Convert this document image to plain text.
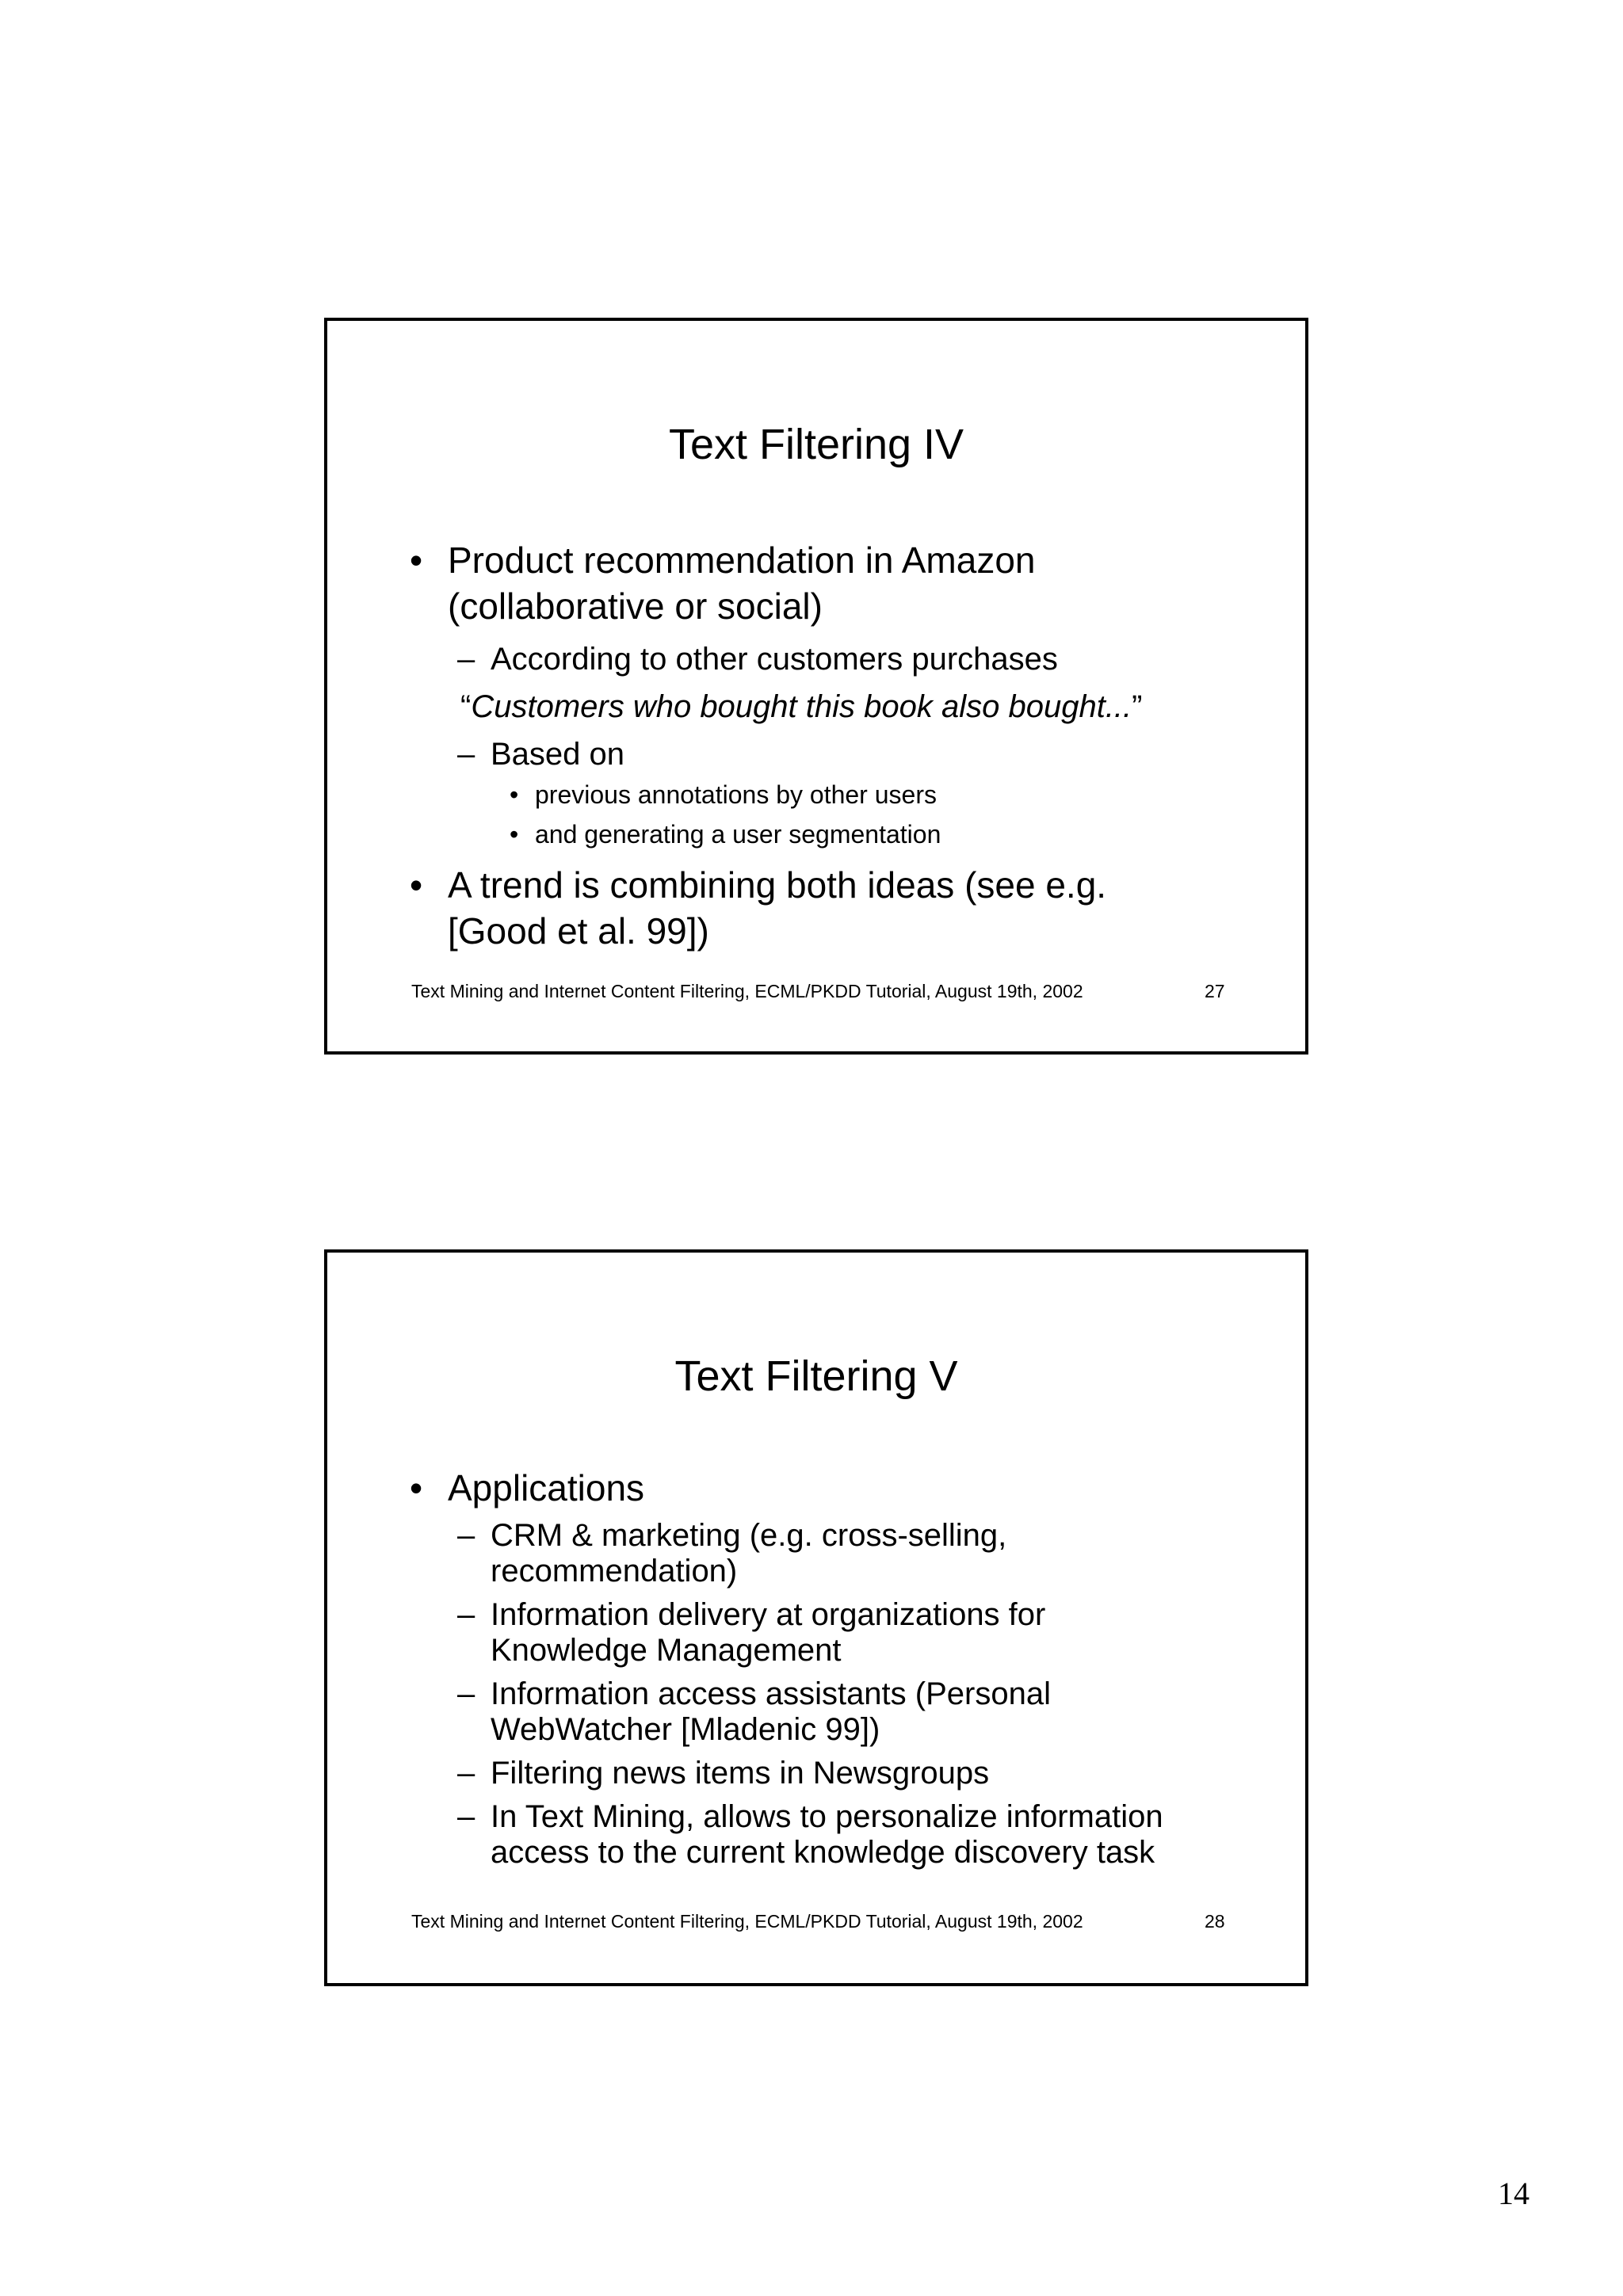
Text Filtering IV
• Product recommendation in Amazon
(collaborative or social)
– According to other customers purchases
“Customers who bought this book also bought...”
– Based on
• previous annotations by other users
• and generating a user segmentation
• A trend is combining both ideas (see e.g.
[Good et al. 99])
Text Mining and Internet Content Filtering, ECML/PKDD Tutorial, August 19th, 2002	27
Text Filtering V
• Applications
– CRM & marketing (e.g. cross-selling,
recommendation)
– Information delivery at organizations for
Knowledge Management
– Information access assistants (Personal
WebWatcher [Mladenic 99])
– Filtering news items in Newsgroups
– In Text Mining, allows to personalize information
access to the current knowledge discovery task
Text Mining and Internet Content Filtering, ECML/PKDD Tutorial, August 19th, 2002	28
14
